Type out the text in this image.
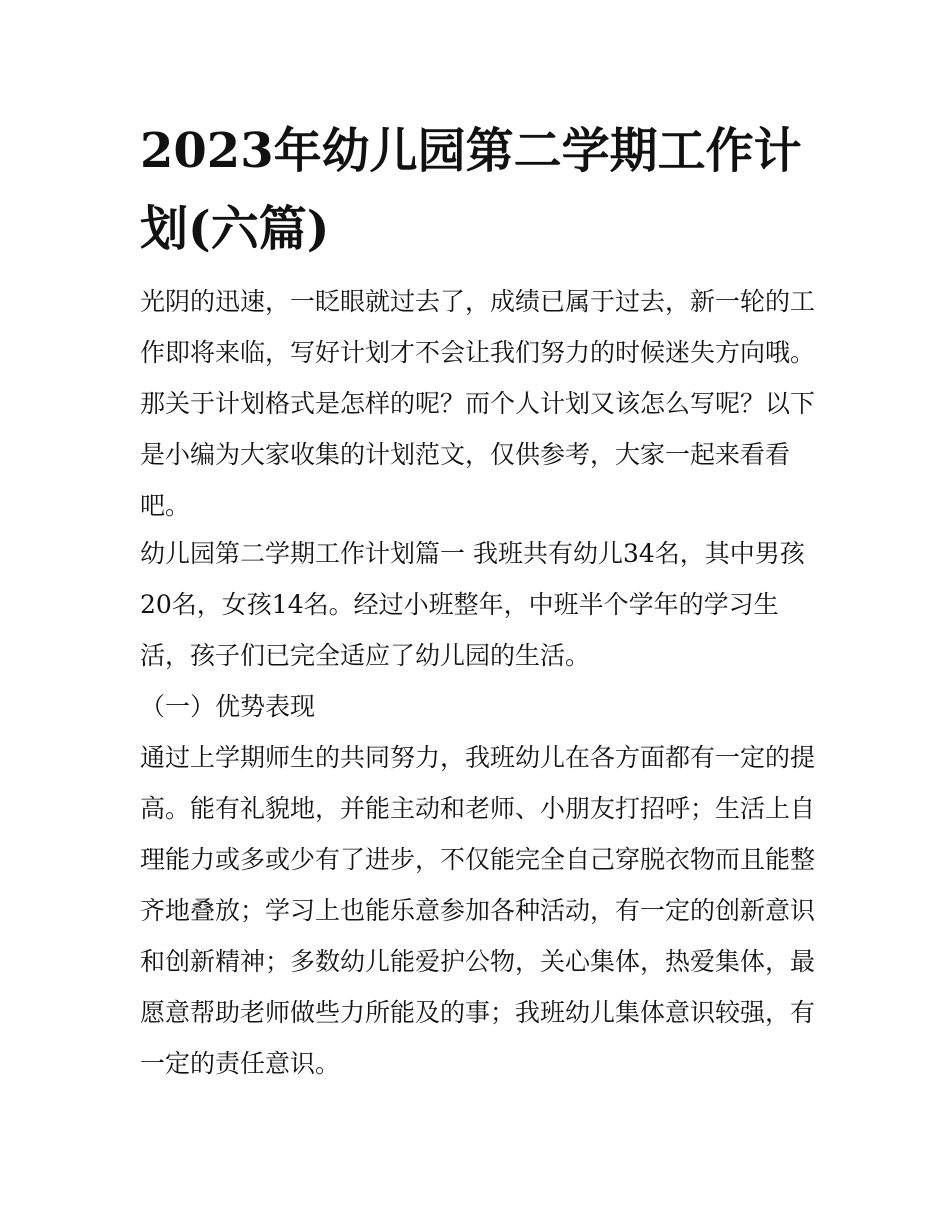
2023年幼儿园第二学期工作计划(六篇)

光阴的迅速，一眨眼就过去了，成绩已属于过去，新一轮的工作即将来临，写好计划才不会让我们努力的时候迷失方向哦。那关于计划格式是怎样的呢？而个人计划又该怎么写呢？以下是小编为大家收集的计划范文，仅供参考，大家一起来看看吧。

幼儿园第二学期工作计划篇一 我班共有幼儿34名，其中男孩20名，女孩14名。经过小班整年，中班半个学年的学习生活，孩子们已完全适应了幼儿园的生活。

（一）优势表现

通过上学期师生的共同努力，我班幼儿在各方面都有一定的提高。能有礼貌地，并能主动和老师、小朋友打招呼；生活上自理能力或多或少有了进步，不仅能完全自己穿脱衣物而且能整齐地叠放；学习上也能乐意参加各种活动，有一定的创新意识和创新精神；多数幼儿能爱护公物，关心集体，热爱集体，最愿意帮助老师做些力所能及的事；我班幼儿集体意识较强，有一定的责任意识。
